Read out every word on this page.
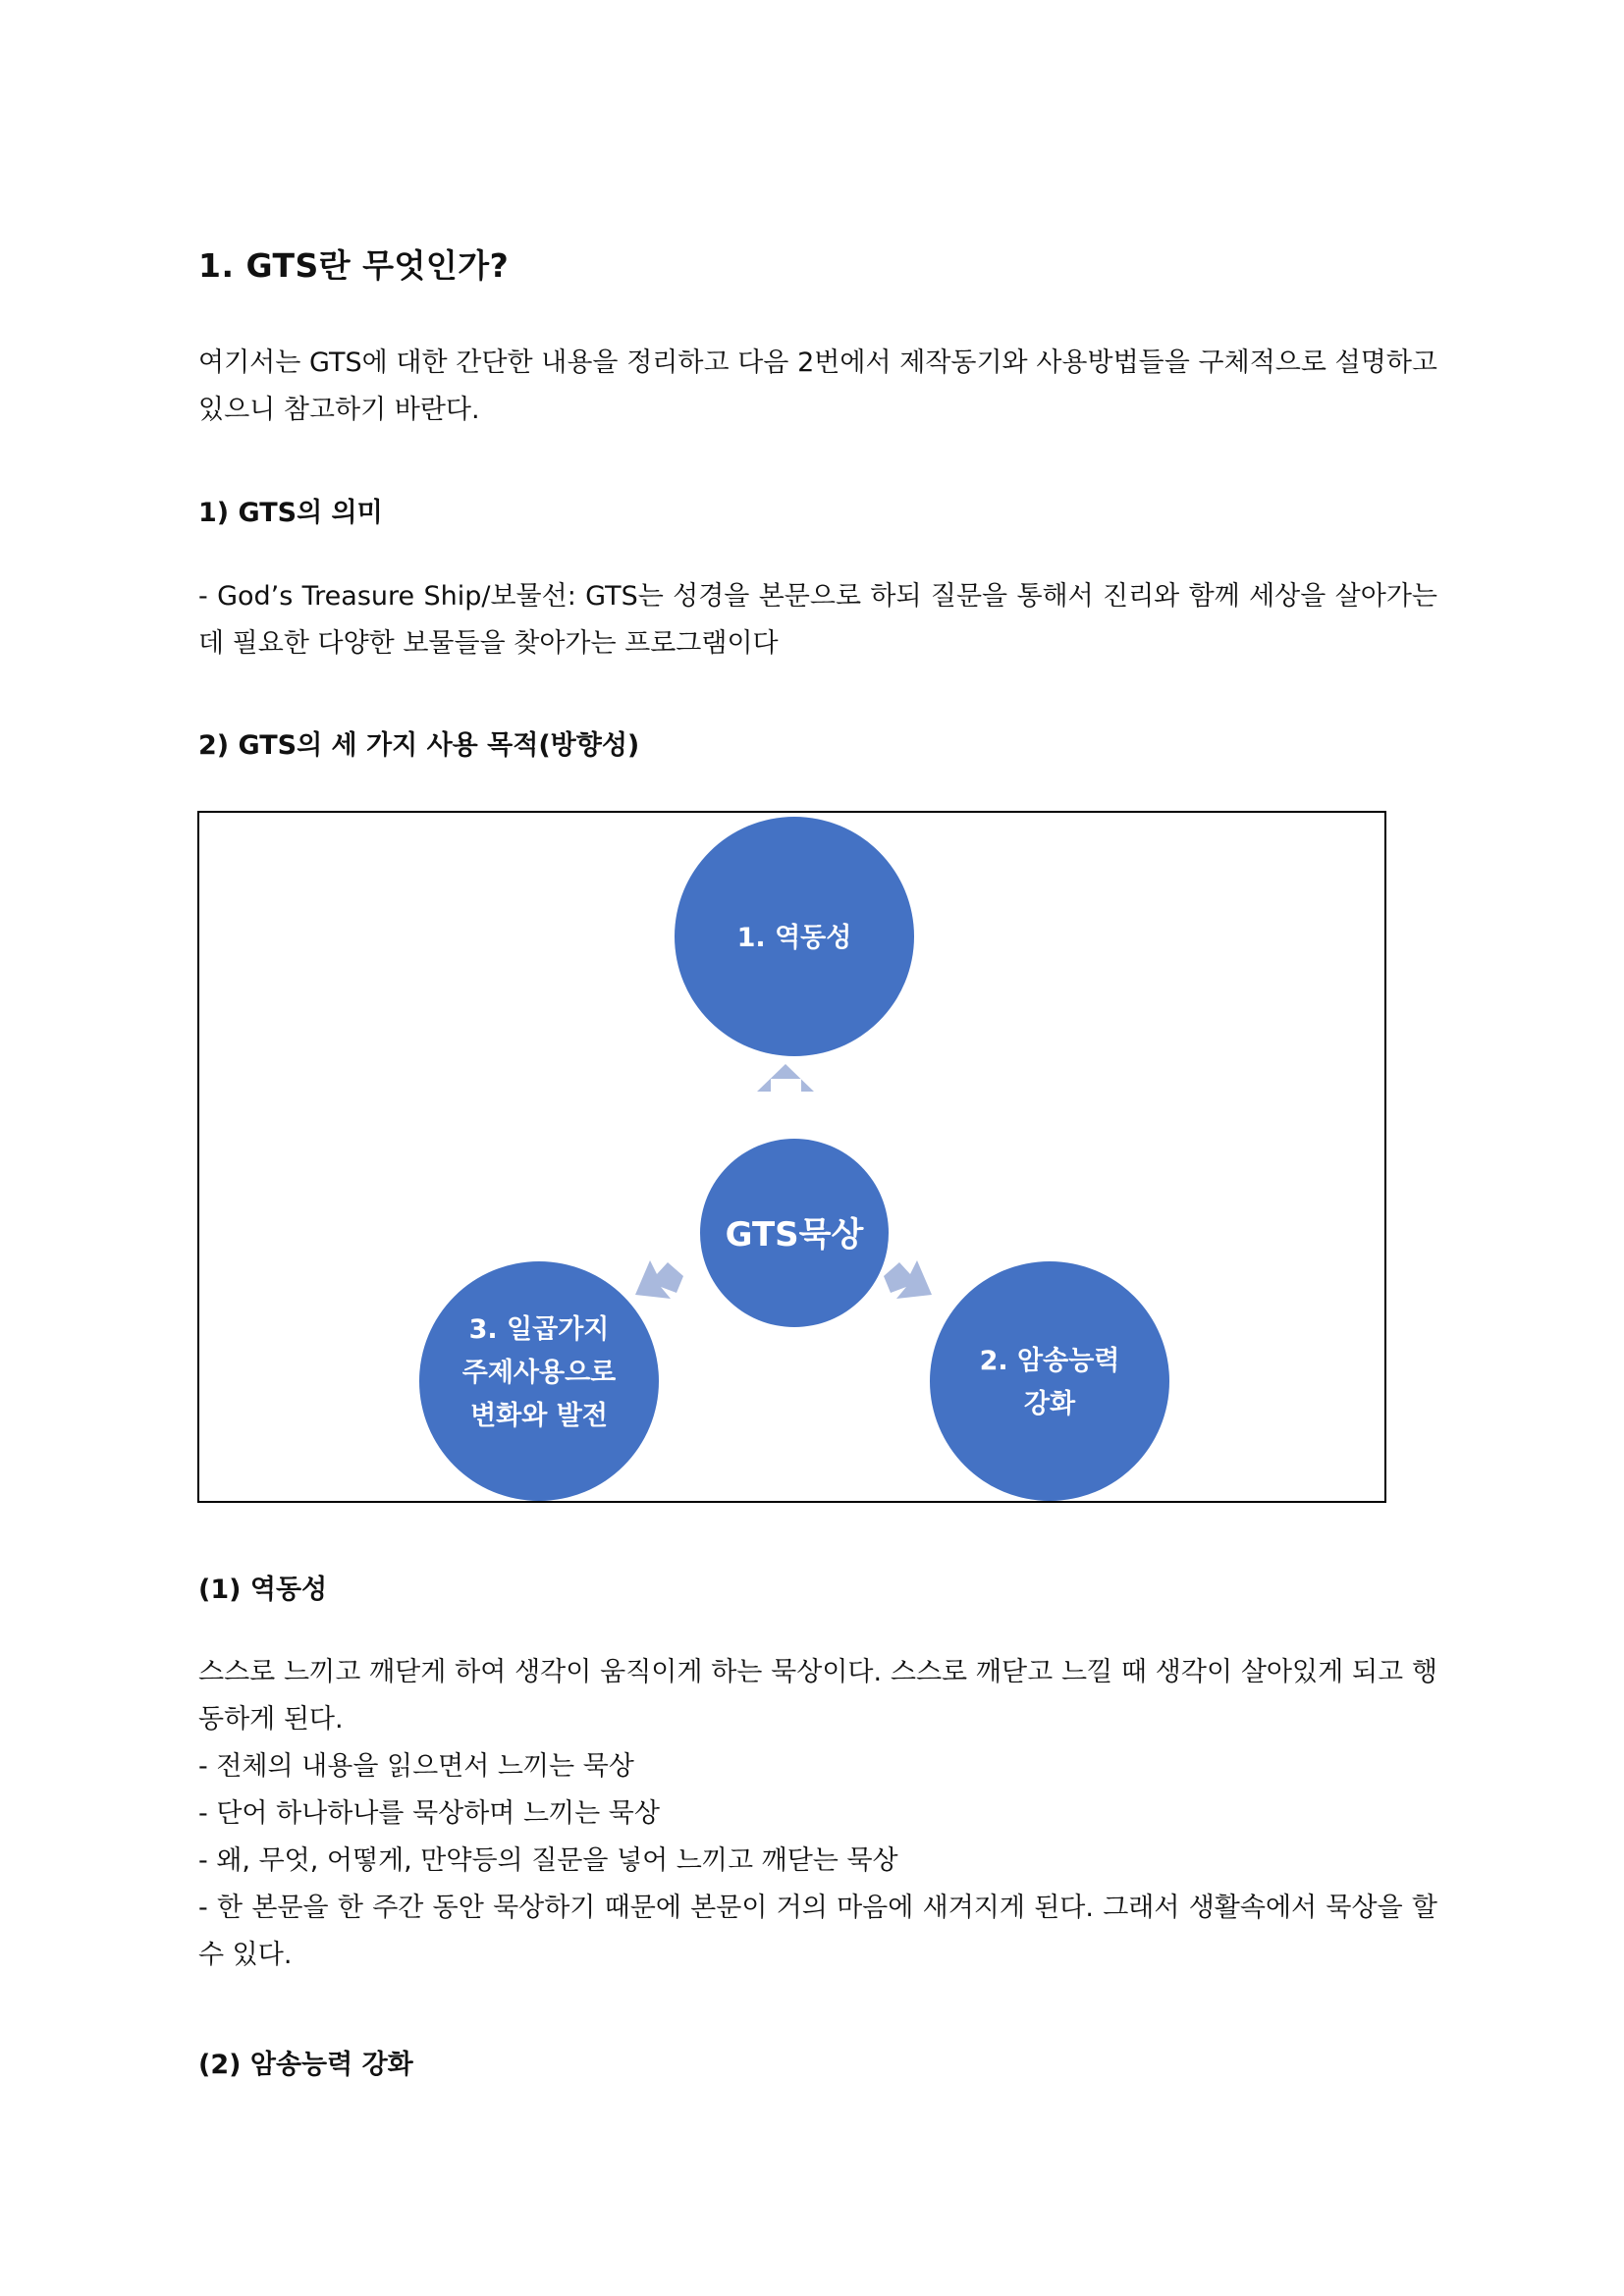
1. GTS란 무엇인가?

여기서는 GTS에 대한 간단한 내용을 정리하고 다음 2번에서 제작동기와 사용방법들을 구체적으로 설명하고 있으니 참고하기 바란다.

1) GTS의 의미

- God’s Treasure Ship/보물선: GTS는 성경을 본문으로 하되 질문을 통해서 진리와 함께 세상을 살아가는데 필요한 다양한 보물들을 찾아가는 프로그램이다

2) GTS의 세 가지 사용 목적(방향성)
1. 역동성
GTS묵상
2. 암송능력
강화
3. 일곱가지
주제사용으로
변화와 발전
(1) 역동성

스스로 느끼고 깨닫게 하여 생각이 움직이게 하는 묵상이다. 스스로 깨닫고 느낄 때 생각이 살아있게 되고 행동하게 된다.

- 전체의 내용을 읽으면서 느끼는 묵상
- 단어 하나하나를 묵상하며 느끼는 묵상
- 왜, 무엇, 어떻게, 만약등의 질문을 넣어 느끼고 깨닫는 묵상

- 한 본문을 한 주간 동안 묵상하기 때문에 본문이 거의 마음에 새겨지게 된다. 그래서 생활속에서 묵상을 할수 있다.

(2) 암송능력 강화
